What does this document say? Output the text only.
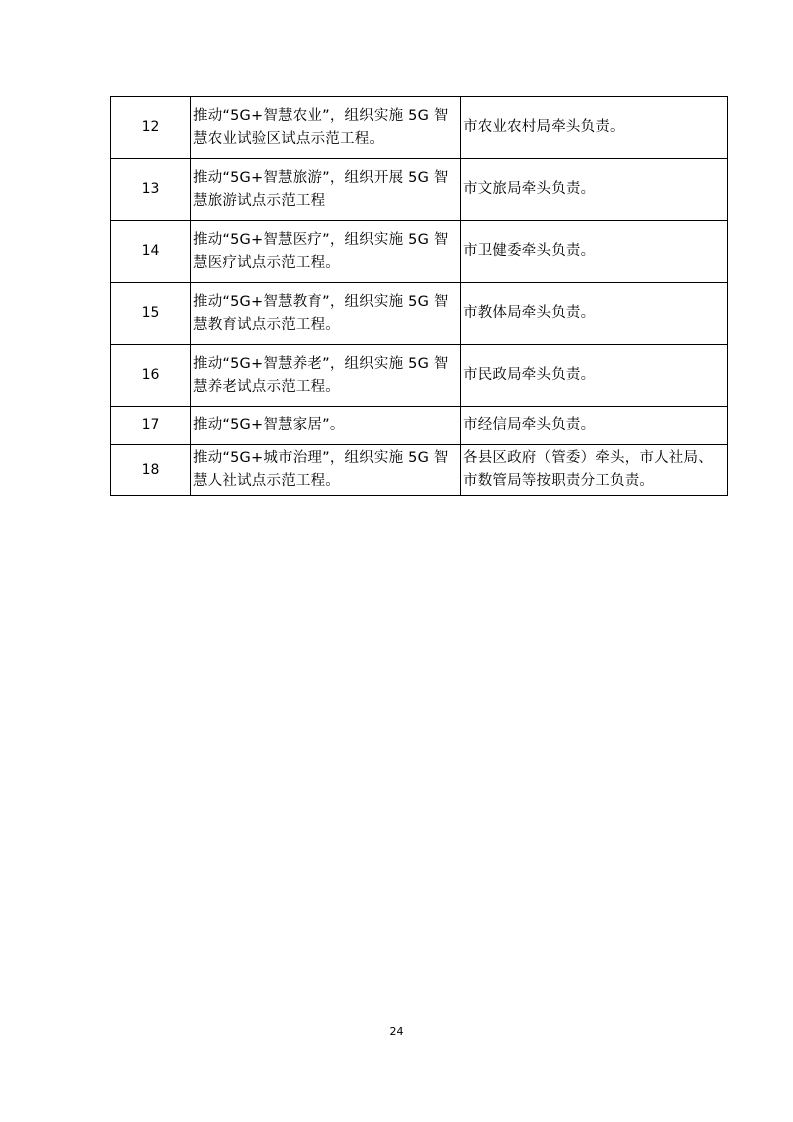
12	推动“5G+智慧农业”，组织实施 5G 智慧农业试验区试点示范工程。	市农业农村局牵头负责。
13	推动“5G+智慧旅游”，组织开展 5G 智慧旅游试点示范工程	市文旅局牵头负责。
14	推动“5G+智慧医疗”，组织实施 5G 智慧医疗试点示范工程。	市卫健委牵头负责。
15	推动“5G+智慧教育”，组织实施 5G 智慧教育试点示范工程。	市教体局牵头负责。
16	推动“5G+智慧养老”，组织实施 5G 智慧养老试点示范工程。	市民政局牵头负责。
17	推动“5G+智慧家居”。	市经信局牵头负责。
18	推动“5G+城市治理”，组织实施 5G 智慧人社试点示范工程。	各县区政府（管委）牵头，市人社局、市数管局等按职责分工负责。
24
